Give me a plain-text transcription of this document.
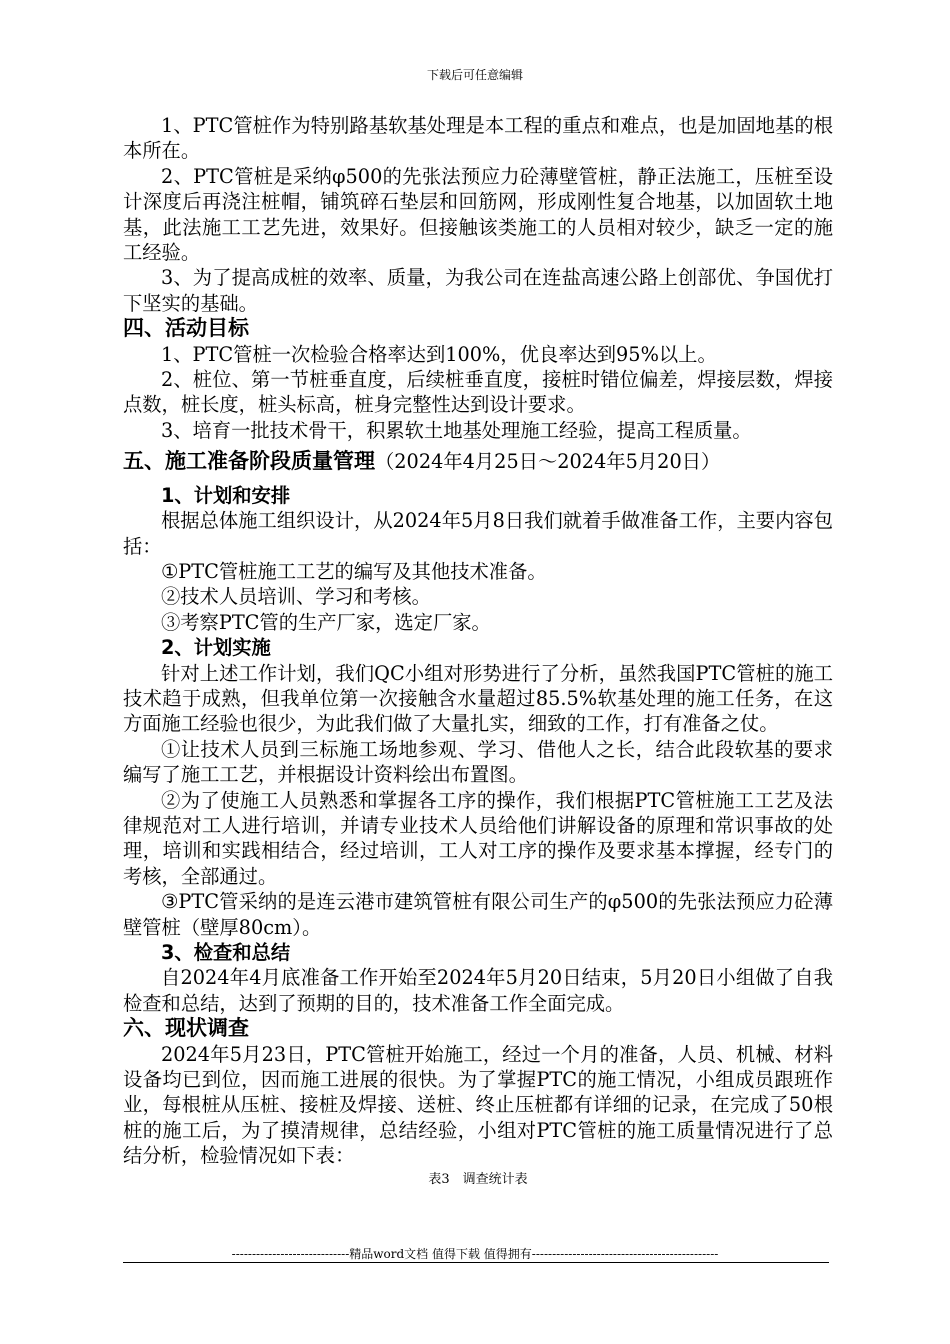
下载后可任意编辑

1、PTC管桩作为特别路基软基处理是本工程的重点和难点，也是加固地基的根本所在。

2、PTC管桩是采纳φ500的先张法预应力砼薄壁管桩，静正法施工，压桩至设计深度后再浇注桩帽，铺筑碎石垫层和回筋网，形成刚性复合地基，以加固软土地基，此法施工工艺先进，效果好。但接触该类施工的人员相对较少，缺乏一定的施工经验。

3、为了提高成桩的效率、质量，为我公司在连盐高速公路上创部优、争国优打下坚实的基础。

四、活动目标

1、PTC管桩一次检验合格率达到100%，优良率达到95%以上。

2、桩位、第一节桩垂直度，后续桩垂直度，接桩时错位偏差，焊接层数，焊接点数，桩长度，桩头标高，桩身完整性达到设计要求。

3、培育一批技术骨干，积累软土地基处理施工经验，提高工程质量。

五、施工准备阶段质量管理（2024年4月25日～2024年5月20日）

1、计划和安排

根据总体施工组织设计，从2024年5月8日我们就着手做准备工作，主要内容包括：

①PTC管桩施工工艺的编写及其他技术准备。

②技术人员培训、学习和考核。

③考察PTC管的生产厂家，选定厂家。

2、计划实施

针对上述工作计划，我们QC小组对形势进行了分析，虽然我国PTC管桩的施工技术趋于成熟，但我单位第一次接触含水量超过85.5%软基处理的施工任务，在这方面施工经验也很少，为此我们做了大量扎实，细致的工作，打有准备之仗。

①让技术人员到三标施工场地参观、学习、借他人之长，结合此段软基的要求编写了施工工艺，并根据设计资料绘出布置图。

②为了使施工人员熟悉和掌握各工序的操作，我们根据PTC管桩施工工艺及法律规范对工人进行培训，并请专业技术人员给他们讲解设备的原理和常识事故的处理，培训和实践相结合，经过培训，工人对工序的操作及要求基本撑握，经专门的考核，全部通过。

③PTC管采纳的是连云港市建筑管桩有限公司生产的φ500的先张法预应力砼薄壁管桩（壁厚80cm）。

3、检查和总结

自2024年4月底准备工作开始至2024年5月20日结束，5月20日小组做了自我检查和总结，达到了预期的目的，技术准备工作全面完成。

六、现状调查

2024年5月23日，PTC管桩开始施工，经过一个月的准备，人员、机械、材料设备均已到位，因而施工进展的很快。为了掌握PTC的施工情况，小组成员跟班作业，每根桩从压桩、接桩及焊接、送桩、终止压桩都有详细的记录，在完成了50根桩的施工后，为了摸清规律，总结经验，小组对PTC管桩的施工质量情况进行了总结分析，检验情况如下表：

表3　调查统计表
-----------------------------精品word文档 值得下载 值得拥有----------------------------------------------
